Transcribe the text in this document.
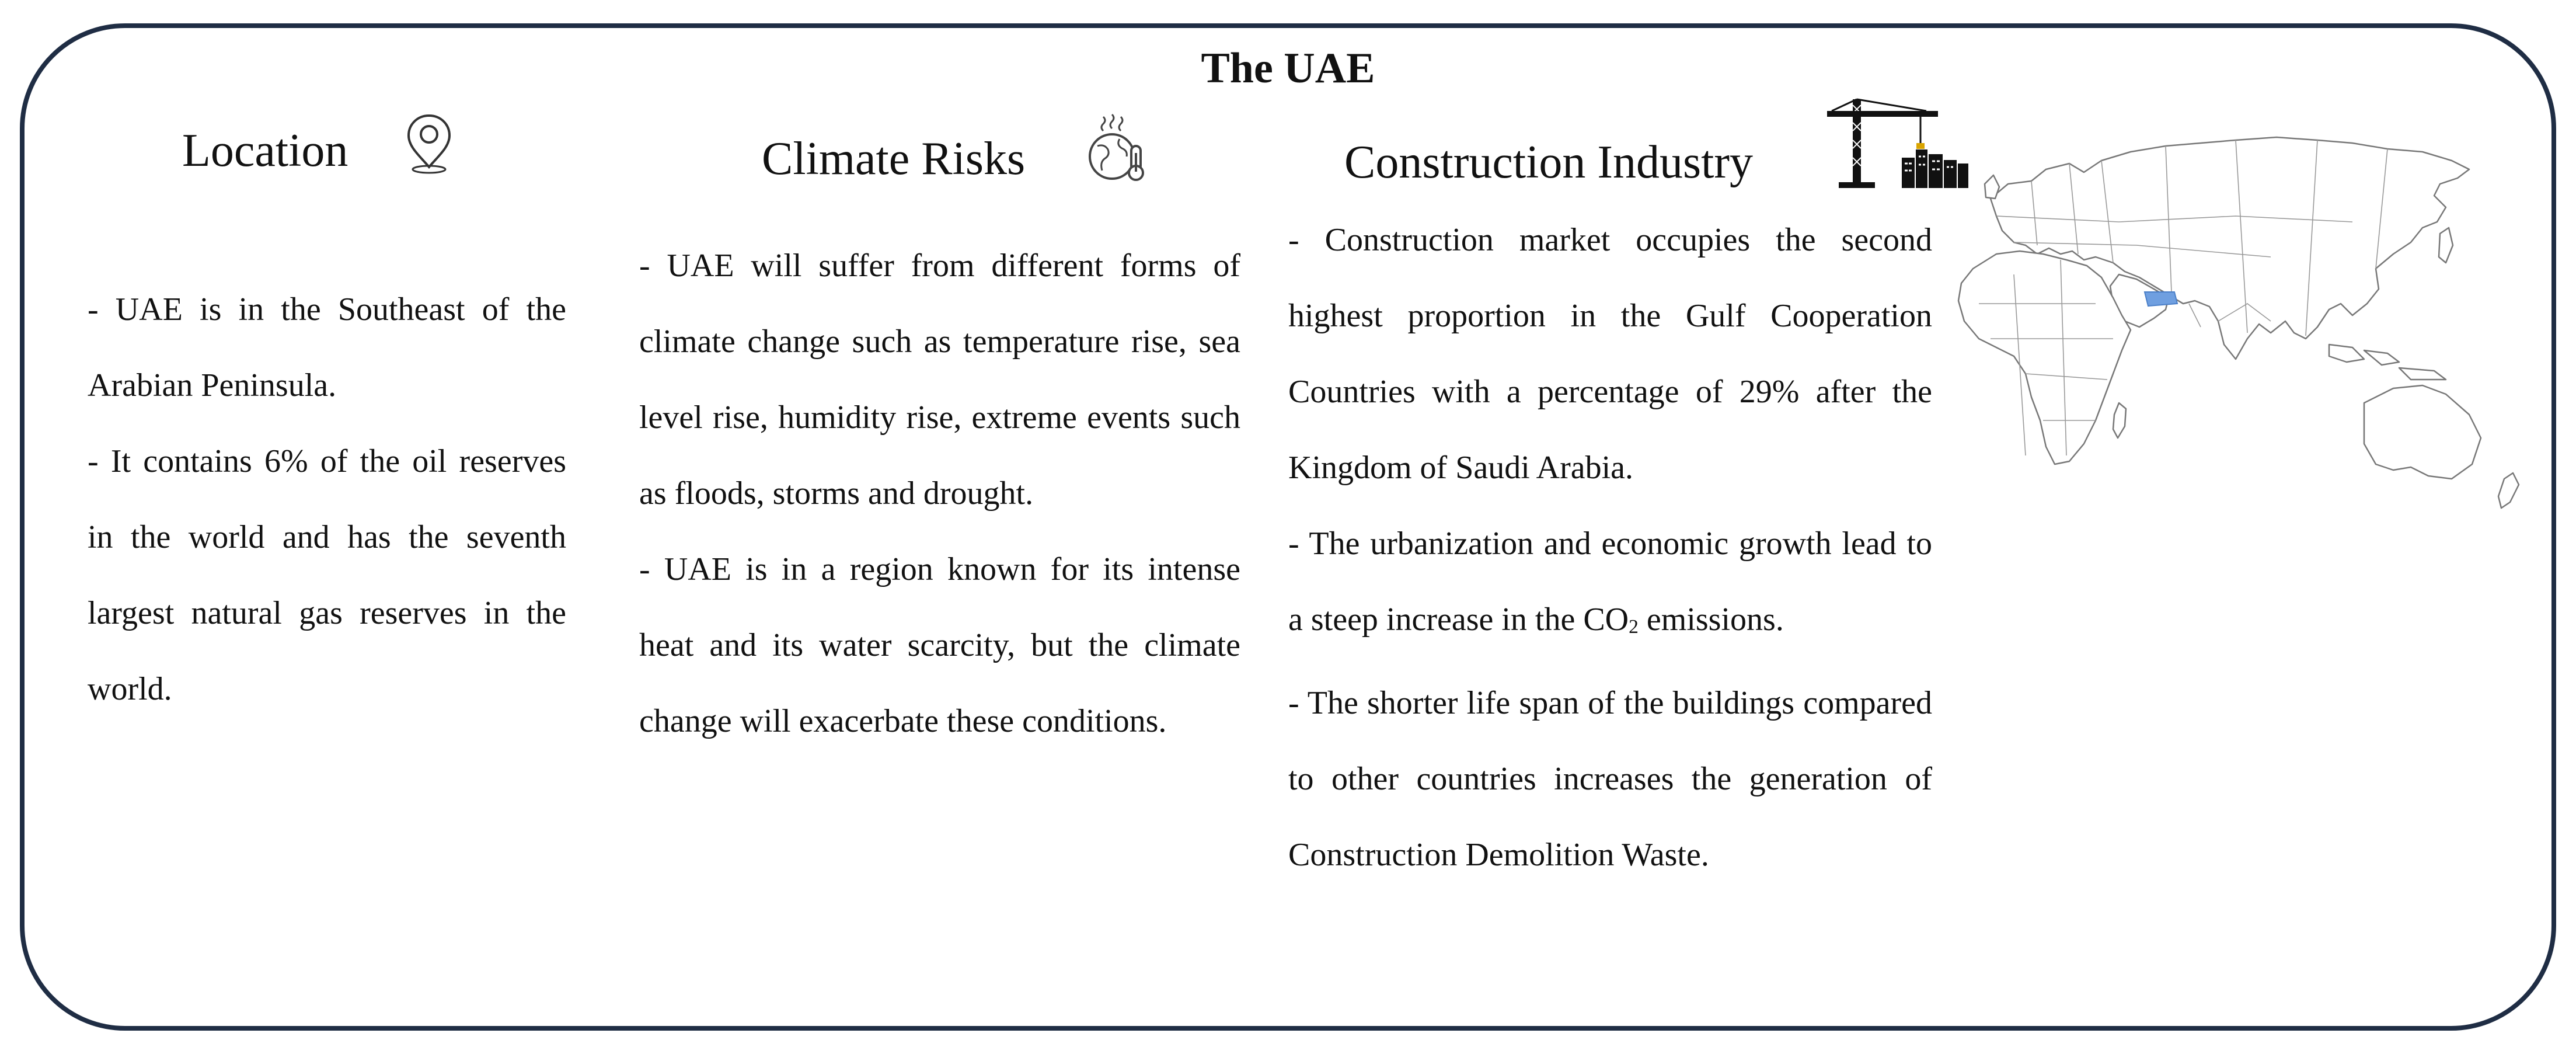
The UAE
Location

- UAE is in the Southeast of the Arabian Peninsula.

- It contains 6% of the oil reserves in the world and has the seventh largest natural gas reserves in the world.

Climate Risks

- UAE will suffer from different forms of climate change such as temperature rise, sea level rise, humidity rise, extreme events such as floods, storms and drought.

- UAE is in a region known for its intense heat and its water scarcity, but the climate change will exacerbate these conditions.

Construction Industry

- Construction market occupies the second highest proportion in the Gulf Cooperation Countries with a percentage of 29% after the Kingdom of Saudi Arabia.

- The urbanization and economic growth lead to a steep increase in the $CO_2$ emissions.

- The shorter life span of the buildings compared to other countries increases the generation of Construction Demolition Waste.
